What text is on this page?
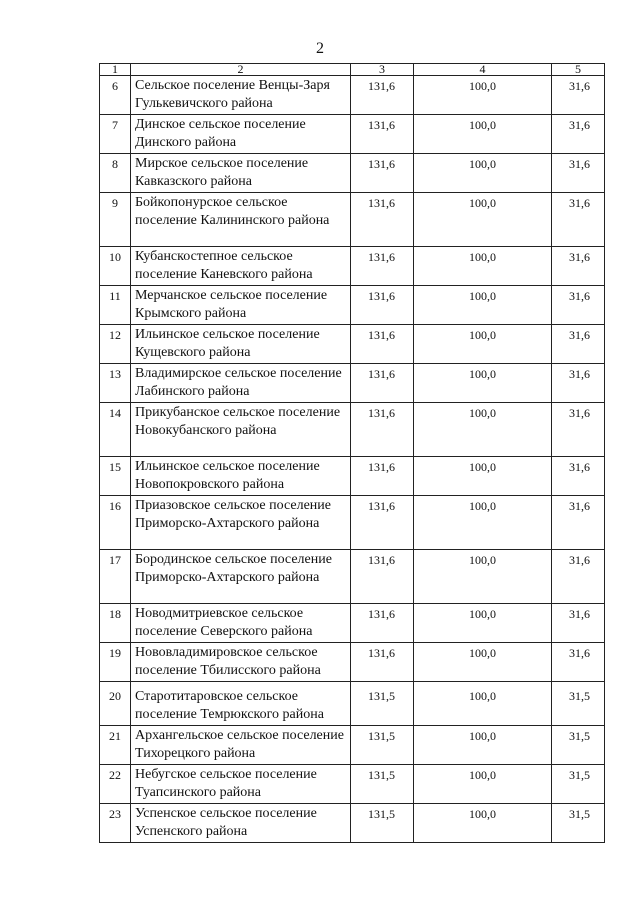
2
1	2	3	4	5
6	Сельское поселение Венцы-Заря Гулькевичского района	131,6	100,0	31,6
7	Динское сельское поселение Динского района	131,6	100,0	31,6
8	Мирское сельское поселение Кавказского района	131,6	100,0	31,6
9	Бойкопонурское сельское поселение Калининского района	131,6	100,0	31,6
10	Кубанскостепное сельское поселение Каневского района	131,6	100,0	31,6
11	Мерчанское сельское поселение Крымского района	131,6	100,0	31,6
12	Ильинское сельское поселение Кущевского района	131,6	100,0	31,6
13	Владимирское сельское поселение Лабинского района	131,6	100,0	31,6
14	Прикубанское сельское поселение Новокубанского района	131,6	100,0	31,6
15	Ильинское сельское поселение Новопокровского района	131,6	100,0	31,6
16	Приазовское сельское поселение Приморско-Ахтарского района	131,6	100,0	31,6
17	Бородинское сельское поселение Приморско-Ахтарского района	131,6	100,0	31,6
18	Новодмитриевское сельское поселение Северского района	131,6	100,0	31,6
19	Нововладимировское сельское поселение Тбилисского района	131,6	100,0	31,6
20	Старотитаровское сельское поселение Темрюкского района	131,5	100,0	31,5
21	Архангельское сельское поселение Тихорецкого района	131,5	100,0	31,5
22	Небугское сельское поселение Туапсинского района	131,5	100,0	31,5
23	Успенское сельское поселение Успенского района	131,5	100,0	31,5
